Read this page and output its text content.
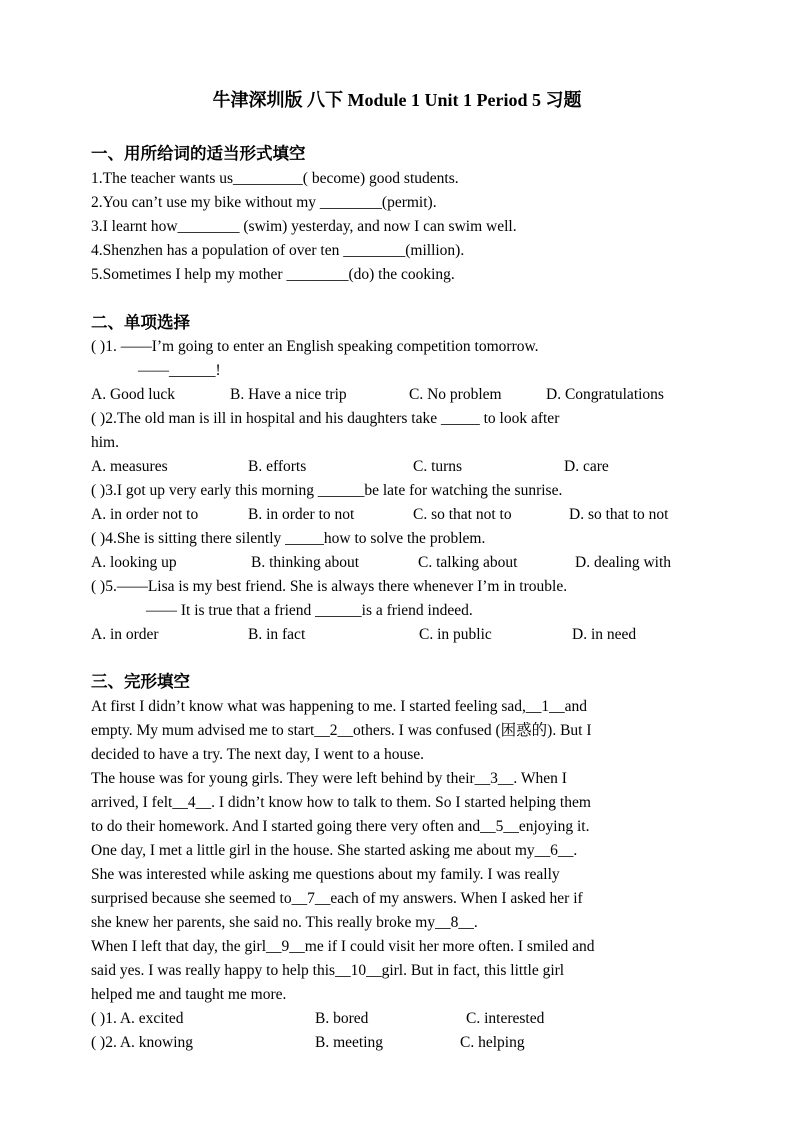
牛津深圳版 八下 Module 1 Unit 1 Period 5 习题
一、用所给词的适当形式填空
1.The teacher wants us_________( become) good students.
2.You can’t use my bike without my ________(permit).
3.I learnt how________ (swim) yesterday, and now I can swim well.
4.Shenzhen has a population of over ten ________(million).
5.Sometimes I help my mother ________(do) the cooking.
二、单项选择
( )1. ——I’m going to enter an English speaking competition tomorrow.
——______!
A. Good luck	B. Have a nice trip	C. No problem	D. Congratulations
( )2.The old man is ill in hospital and his daughters take _____ to look after
him.
A. measures	B. efforts	C. turns	D. care
( )3.I got up very early this morning ______be late for watching the sunrise.
A. in order not to	B. in order to not	C. so that not to	D. so that to not
( )4.She is sitting there silently _____how to solve the problem.
A. looking up	B. thinking about	C. talking about	D. dealing with
( )5.——Lisa is my best friend. She is always there whenever I’m in trouble.
—— It is true that a friend ______is a friend indeed.
A. in order	B. in fact	C. in public	D. in need
三、完形填空
At first I didn’t know what was happening to me. I started feeling sad,__1__and
empty. My mum advised me to start__2__others. I was confused (困惑的). But I
decided to have a try. The next day, I went to a house.
The house was for young girls. They were left behind by their__3__. When I
arrived, I felt__4__. I didn’t know how to talk to them. So I started helping them
to do their homework. And I started going there very often and__5__enjoying it.
One day, I met a little girl in the house. She started asking me about my__6__.
She was interested while asking me questions about my family. I was really
surprised because she seemed to__7__each of my answers. When I asked her if
she knew her parents, she said no. This really broke my__8__.
When I left that day, the girl__9__me if I could visit her more often. I smiled and
said yes. I was really happy to help this__10__girl. But in fact, this little girl
helped me and taught me more.
( )1. A. excited	B. bored	C. interested
( )2. A. knowing	B. meeting	C. helping
